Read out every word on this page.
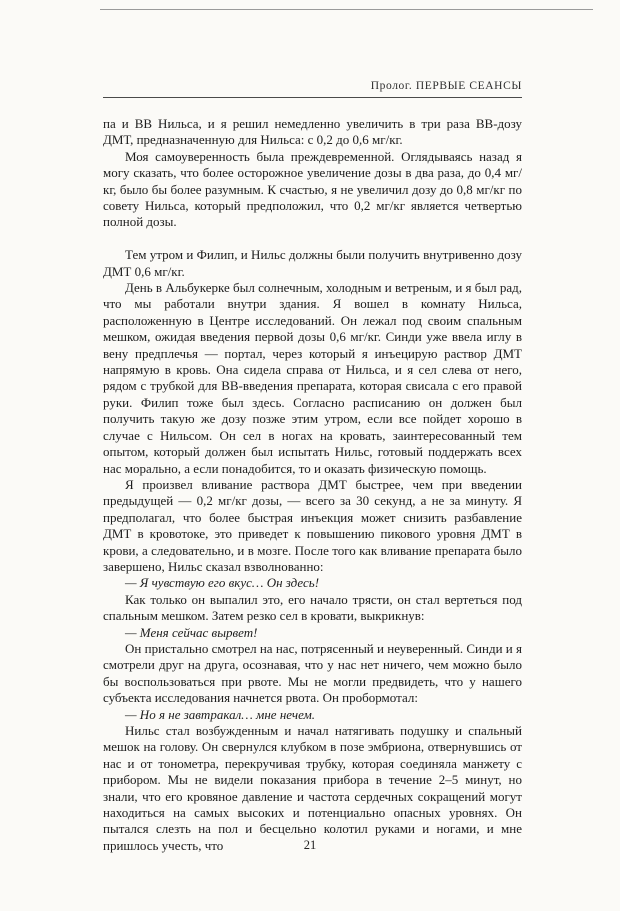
Пролог. ПЕРВЫЕ СЕАНСЫ

па и ВВ Нильса, и я решил немедленно увеличить в три раза ВВ-дозу ДМТ, предназначенную для Нильса: с 0,2 до 0,6 мг/кг.

Моя самоуверенность была преждевременной. Оглядываясь назад я могу сказать, что более осторожное увеличение дозы в два раза, до 0,4 мг/кг, было бы более разумным. К счастью, я не увеличил дозу до 0,8 мг/кг по совету Нильса, который предположил, что 0,2 мг/кг является четвертью полной дозы.

Тем утром и Филип, и Нильс должны были получить внутривенно дозу ДМТ 0,6 мг/кг.

День в Альбукерке был солнечным, холодным и ветреным, и я был рад, что мы работали внутри здания. Я вошел в комнату Нильса, расположенную в Центре исследований. Он лежал под своим спальным мешком, ожидая введения первой дозы 0,6 мг/кг. Синди уже ввела иглу в вену предплечья — портал, через который я инъецирую раствор ДМТ напрямую в кровь. Она сидела справа от Нильса, и я сел слева от него, рядом с трубкой для ВВ-введения препарата, которая свисала с его правой руки. Филип тоже был здесь. Согласно расписанию он должен был получить такую же дозу позже этим утром, если все пойдет хорошо в случае с Нильсом. Он сел в ногах на кровать, заинтересованный тем опытом, который должен был испытать Нильс, готовый поддержать всех нас морально, а если понадобится, то и оказать физическую помощь.

Я произвел вливание раствора ДМТ быстрее, чем при введении предыдущей — 0,2 мг/кг дозы, — всего за 30 секунд, а не за минуту. Я предполагал, что более быстрая инъекция может снизить разбавление ДМТ в кровотоке, это приведет к повышению пикового уровня ДМТ в крови, а следовательно, и в мозге. После того как вливание препарата было завершено, Нильс сказал взволнованно:

— Я чувствую его вкус… Он здесь!

Как только он выпалил это, его начало трясти, он стал вертеться под спальным мешком. Затем резко сел в кровати, выкрикнув:

— Меня сейчас вырвет!

Он пристально смотрел на нас, потрясенный и неуверенный. Синди и я смотрели друг на друга, осознавая, что у нас нет ничего, чем можно было бы воспользоваться при рвоте. Мы не могли предвидеть, что у нашего субъекта исследования начнется рвота. Он пробормотал:

— Но я не завтракал… мне нечем.

Нильс стал возбужденным и начал натягивать подушку и спальный мешок на голову. Он свернулся клубком в позе эмбриона, отвернувшись от нас и от тонометра, перекручивая трубку, которая соединяла манжету с прибором. Мы не видели показания прибора в течение 2–5 минут, но знали, что его кровяное давление и частота сердечных сокращений могут находиться на самых высоких и потенциально опасных уровнях. Он пытался слезть на пол и бесцельно колотил руками и ногами, и мне пришлось учесть, что	21
